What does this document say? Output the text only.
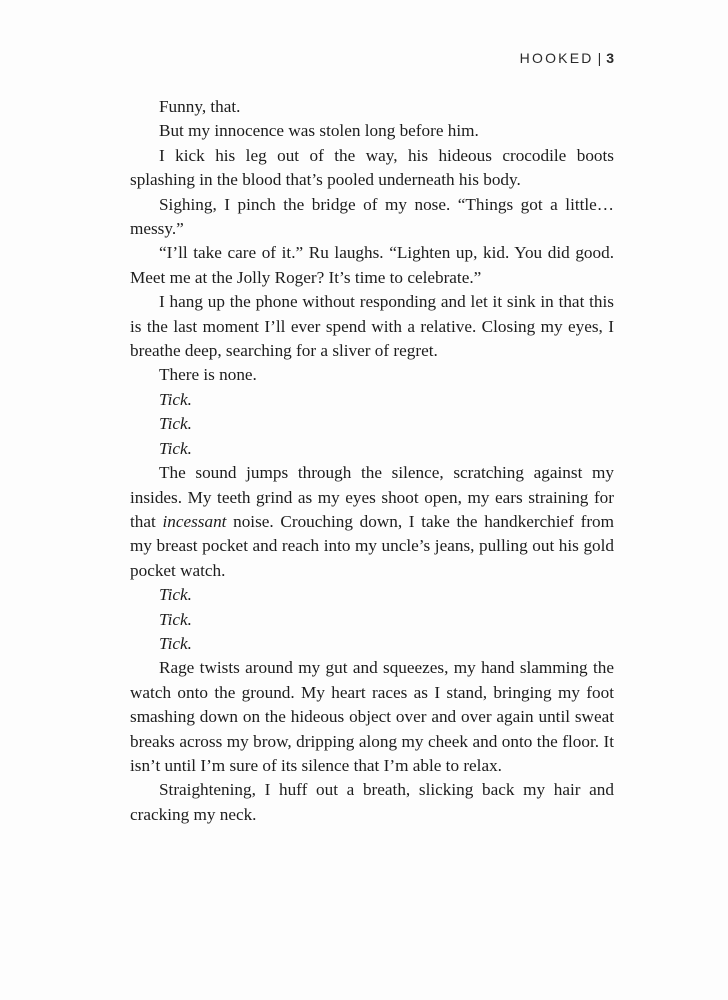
HOOKED | 3

Funny, that.

But my innocence was stolen long before him.

I kick his leg out of the way, his hideous crocodile boots splashing in the blood that’s pooled underneath his body.

Sighing, I pinch the bridge of my nose. “Things got a little… messy.”

“I’ll take care of it.” Ru laughs. “Lighten up, kid. You did good. Meet me at the Jolly Roger? It’s time to celebrate.”

I hang up the phone without responding and let it sink in that this is the last moment I’ll ever spend with a relative. Closing my eyes, I breathe deep, searching for a sliver of regret.

There is none.

Tick.

Tick.

Tick.

The sound jumps through the silence, scratching against my insides. My teeth grind as my eyes shoot open, my ears straining for that incessant noise. Crouching down, I take the handkerchief from my breast pocket and reach into my uncle’s jeans, pulling out his gold pocket watch.

Tick.

Tick.

Tick.

Rage twists around my gut and squeezes, my hand slamming the watch onto the ground. My heart races as I stand, bringing my foot smashing down on the hideous object over and over again until sweat breaks across my brow, dripping along my cheek and onto the floor. It isn’t until I’m sure of its silence that I’m able to relax.

Straightening, I huff out a breath, slicking back my hair and cracking my neck.
